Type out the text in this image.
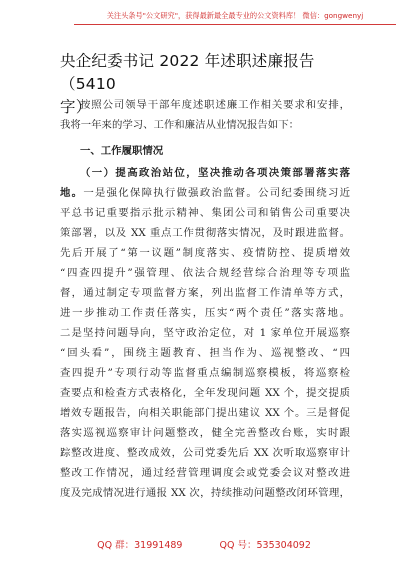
关注头条号"公文研究"，获得最新最全最专业的公文资料库！ 微信：gongwenyj
央企纪委书记 2022 年述职述廉报告（5410
字）
按照公司领导干部年度述职述廉工作相关要求和安排，
我将一年来的学习、工作和廉洁从业情况报告如下：
一、工作履职情况
（一）提高政治站位，坚决推动各项决策部署落实落
地。一是强化保障执行做强政治监督。公司纪委围绕习近
平总书记重要指示批示精神、集团公司和销售公司重要决
策部署，以及 XX 重点工作贯彻落实情况，及时跟进监督。
先后开展了“第一议题”制度落实、疫情防控、提质增效
“四查四提升”强管理、依法合规经营综合治理等专项监
督，通过制定专项监督方案，列出监督工作清单等方式，
进一步推动工作责任落实，压实“两个责任”落实落地。
二是坚持问题导向，坚守政治定位，对 1 家单位开展巡察
“回头看”，围绕主题教育、担当作为、巡视整改、“四
查四提升”专项行动等监督重点编制巡察模板，将巡察检
查要点和检查方式表格化，全年发现问题 XX 个，提交提质
增效专题报告，向相关职能部门提出建议 XX 个。三是督促
落实巡视巡察审计问题整改，健全完善整改台账，实时跟
踪整改进度、整改成效，公司党委先后 XX 次听取巡察审计
整改工作情况，通过经营管理调度会或党委会议对整改进
度及完成情况进行通报 XX 次，持续推动问题整改闭环管理，
QQ 群：31991489	QQ 号：535304092
